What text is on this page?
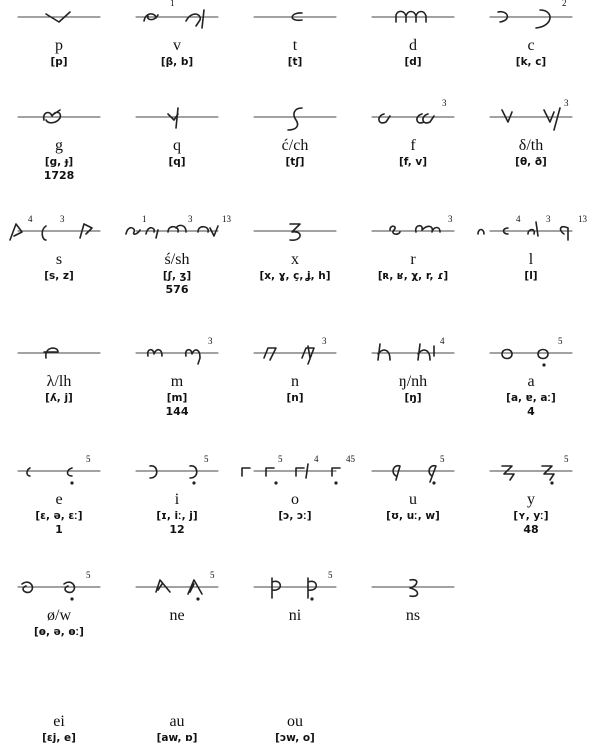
p
[p]
1
v
[β, b]
t
[t]
d
[d]
2
c
[k, c]
g
[g, ɟ]
1728
q
[q]
ć/ch
[tʃ]
3
f
[f, v]
3
δ/th
[θ, ð]
4	3
s
[s, z]
1	3	13
ś/sh
[ʃ, ʒ]
576
x
[x, ɣ, ç, ʝ, h]
3
r
[ʀ, ʁ, χ, r, ɾ]
4	3	13
l
[l]
λ/lh
[ʎ, j]
3
m
[m]
144
3
n
[n]
4
ŋ/nh
[ŋ]
5
a
[a, ɐ, aː]
4
5
e
[ɛ, ə, ɛː]
1
5
i
[ɪ, iː, j]
12
5	4	45
o
[ɔ, ɔː]
5
u
[ʊ, uː, w]
5
y
[ʏ, yː]
48
5
ø/w
[ɵ, ə, ɵː]
5
ne
5
ni	ns
ei
[ɛj, e]
au
[aw, ɒ]
ou
[ɔw, o]
